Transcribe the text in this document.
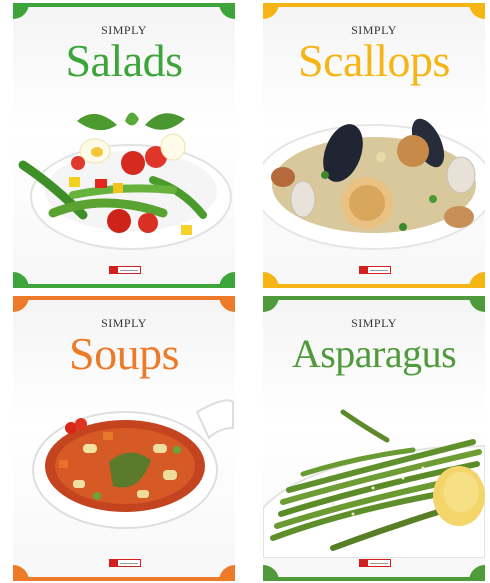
SIMPLY
Salads
SIMPLY
Scallops
SIMPLY
Soups
SIMPLY
Asparagus
